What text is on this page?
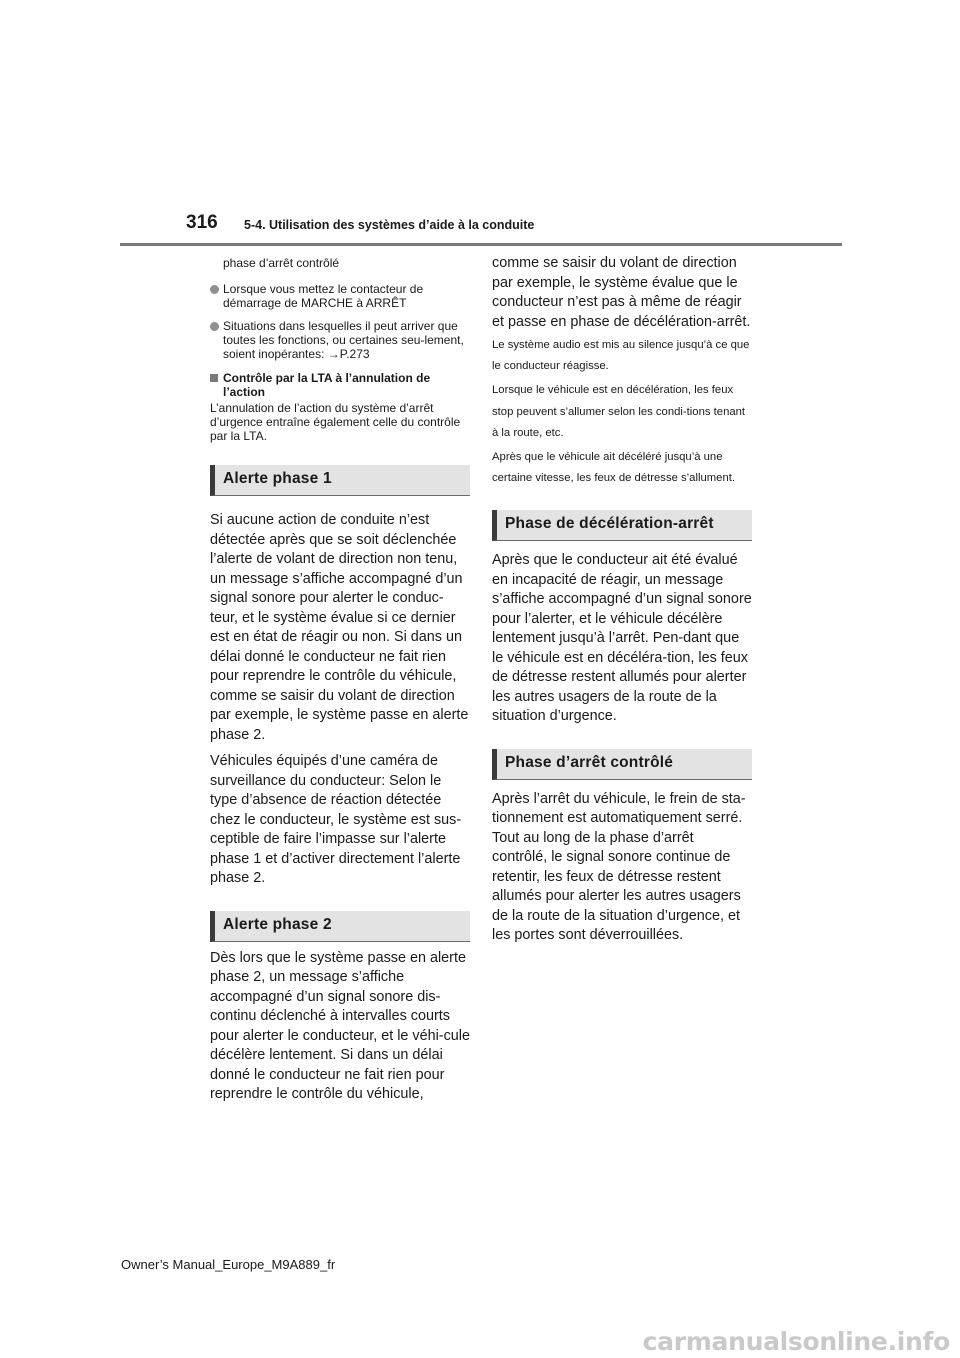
316 5-4. Utilisation des systèmes d’aide à la conduite
phase d’arrêt contrôlé
Lorsque vous mettez le contacteur de démarrage de MARCHE à ARRÊT
Situations dans lesquelles il peut arriver que toutes les fonctions, ou certaines seu-lement, soient inopérantes: →P.273
Contrôle par la LTA à l’annulation de l’action
L’annulation de l’action du système d’arrêt d’urgence entraîne également celle du contrôle par la LTA.
Alerte phase 1
Si aucune action de conduite n’est détectée après que se soit déclenchée l’alerte de volant de direction non tenu, un message s’affiche accompagné d’un signal sonore pour alerter le conduc-teur, et le système évalue si ce dernier est en état de réagir ou non. Si dans un délai donné le conducteur ne fait rien pour reprendre le contrôle du véhicule, comme se saisir du volant de direction par exemple, le système passe en alerte phase 2.
Véhicules équipés d’une caméra de surveillance du conducteur: Selon le type d’absence de réaction détectée chez le conducteur, le système est sus-ceptible de faire l’impasse sur l’alerte phase 1 et d’activer directement l’alerte phase 2.
Alerte phase 2
Dès lors que le système passe en alerte phase 2, un message s’affiche accompagné d’un signal sonore dis-continu déclenché à intervalles courts pour alerter le conducteur, et le véhi-cule décélère lentement. Si dans un délai donné le conducteur ne fait rien pour reprendre le contrôle du véhicule,
comme se saisir du volant de direction par exemple, le système évalue que le conducteur n’est pas à même de réagir et passe en phase de décélération-arrêt.
Le système audio est mis au silence jusqu’à ce que le conducteur réagisse.
Lorsque le véhicule est en décélération, les feux stop peuvent s’allumer selon les condi-tions tenant à la route, etc.
Après que le véhicule ait décéléré jusqu’à une certaine vitesse, les feux de détresse s’allument.
Phase de décélération-arrêt
Après que le conducteur ait été évalué en incapacité de réagir, un message s’affiche accompagné d’un signal sonore pour l’alerter, et le véhicule décélère lentement jusqu’à l’arrêt. Pen-dant que le véhicule est en décéléra-tion, les feux de détresse restent allumés pour alerter les autres usagers de la route de la situation d’urgence.
Phase d’arrêt contrôlé
Après l’arrêt du véhicule, le frein de sta-tionnement est automatiquement serré. Tout au long de la phase d’arrêt contrôlé, le signal sonore continue de retentir, les feux de détresse restent allumés pour alerter les autres usagers de la route de la situation d’urgence, et les portes sont déverrouillées.
Owner’s Manual_Europe_M9A889_fr
carmanualsonline.info
